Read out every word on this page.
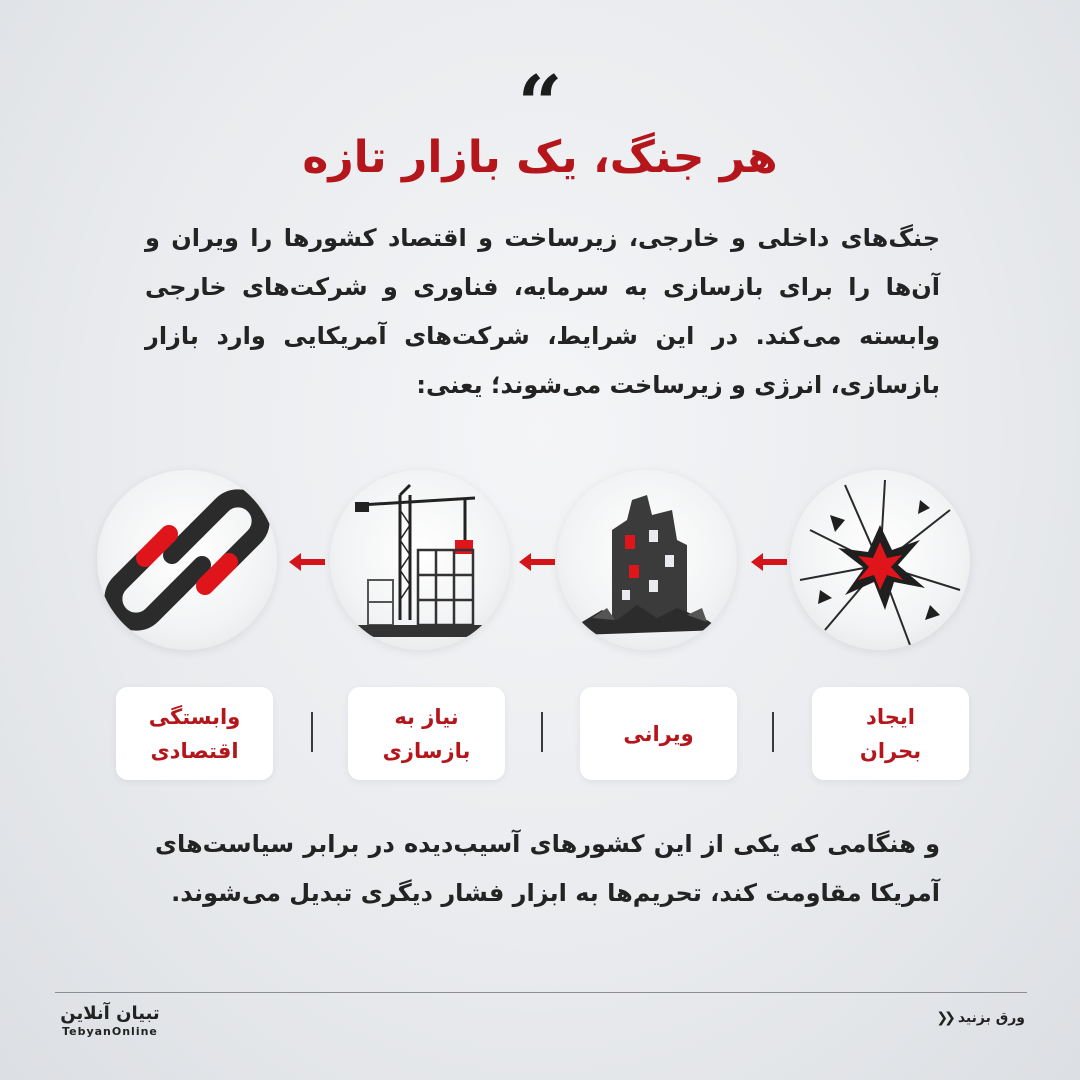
“
هر جنگ، یک بازار تازه
جنگ‌های داخلی و خارجی، زیرساخت و اقتصاد کشورها را ویران و آن‌ها را برای بازسازی به سرمایه، فناوری و شرکت‌های خارجی وابسته می‌کند. در این شرایط، شرکت‌های آمریکایی وارد بازار بازسازی، انرژی و زیرساخت می‌شوند؛ یعنی:
ایجاد
بحران
ویرانی
نیاز به
بازسازی
وابستگی
اقتصادی
و هنگامی که یکی از این کشورهای آسیب‌دیده در برابر سیاست‌های آمریکا مقاومت کند، تحریم‌ها به ابزار فشار دیگری تبدیل می‌شوند.
تبیان آنلاین
TebyanOnline
ورق بزنید
❮❮
